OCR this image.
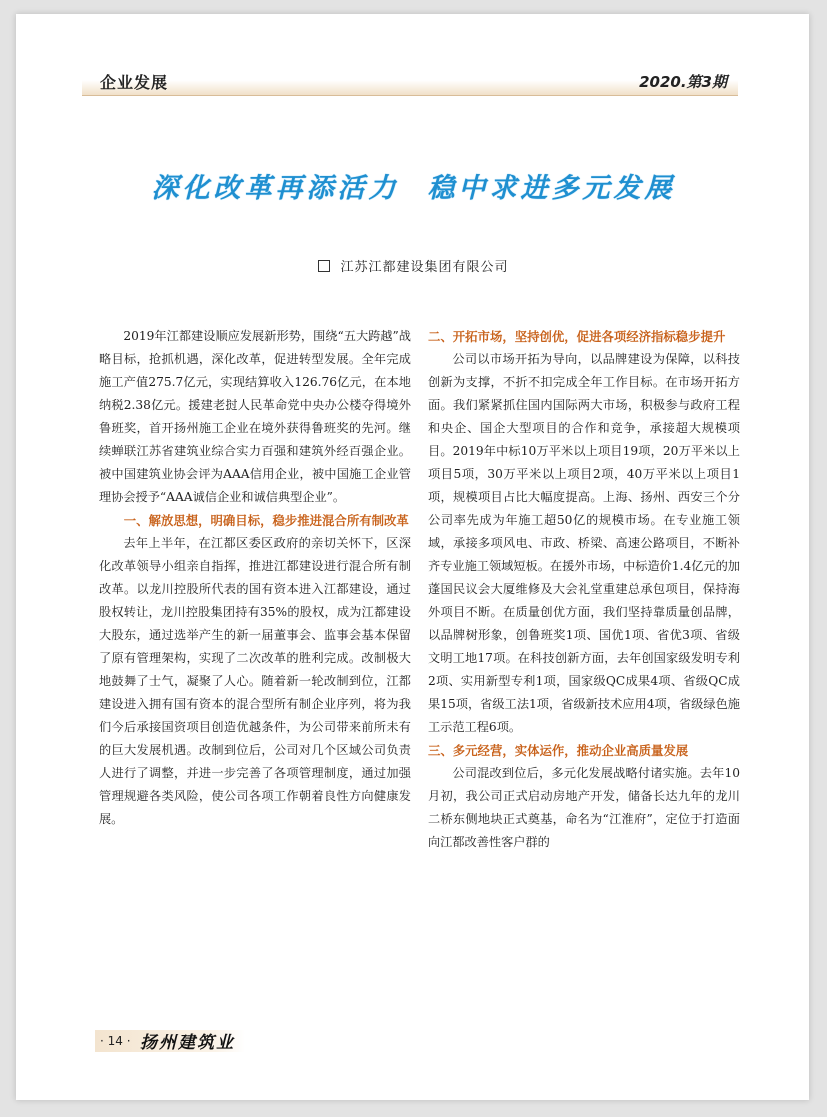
企业发展	2020.第3期
深化改革再添活力 稳中求进多元发展
江苏江都建设集团有限公司

2019年江都建设顺应发展新形势，围绕“五大跨越”战略目标，抢抓机遇，深化改革，促进转型发展。全年完成施工产值275.7亿元，实现结算收入126.76亿元，在本地纳税2.38亿元。援建老挝人民革命党中央办公楼夺得境外鲁班奖，首开扬州施工企业在境外获得鲁班奖的先河。继续蝉联江苏省建筑业综合实力百强和建筑外经百强企业。被中国建筑业协会评为AAA信用企业，被中国施工企业管理协会授予“AAA诚信企业和诚信典型企业”。

一、解放思想，明确目标，稳步推进混合所有制改革

去年上半年，在江都区委区政府的亲切关怀下，区深化改革领导小组亲自指挥，推进江都建设进行混合所有制改革。以龙川控股所代表的国有资本进入江都建设，通过股权转让，龙川控股集团持有35%的股权，成为江都建设大股东，通过选举产生的新一届董事会、监事会基本保留了原有管理架构，实现了二次改革的胜利完成。改制极大地鼓舞了士气，凝聚了人心。随着新一轮改制到位，江都建设进入拥有国有资本的混合型所有制企业序列，将为我们今后承接国资项目创造优越条件，为公司带来前所未有的巨大发展机遇。改制到位后，公司对几个区域公司负责人进行了调整，并进一步完善了各项管理制度，通过加强管理规避各类风险，使公司各项工作朝着良性方向健康发展。

二、开拓市场，坚持创优，促进各项经济指标稳步提升

公司以市场开拓为导向，以品牌建设为保障，以科技创新为支撑，不折不扣完成全年工作目标。在市场开拓方面。我们紧紧抓住国内国际两大市场，积极参与政府工程和央企、国企大型项目的合作和竞争，承接超大规模项目。2019年中标10万平米以上项目19项，20万平米以上项目5项，30万平米以上项目2项，40万平米以上项目1项，规模项目占比大幅度提高。上海、扬州、西安三个分公司率先成为年施工超50亿的规模市场。在专业施工领域，承接多项风电、市政、桥梁、高速公路项目，不断补齐专业施工领域短板。在援外市场，中标造价1.4亿元的加蓬国民议会大厦维修及大会礼堂重建总承包项目，保持海外项目不断。在质量创优方面，我们坚持靠质量创品牌，以品牌树形象，创鲁班奖1项、国优1项、省优3项、省级文明工地17项。在科技创新方面，去年创国家级发明专利2项、实用新型专利1项，国家级QC成果4项、省级QC成果15项，省级工法1项，省级新技术应用4项，省级绿色施工示范工程6项。

三、多元经营，实体运作，推动企业高质量发展

公司混改到位后，多元化发展战略付诸实施。去年10月初，我公司正式启动房地产开发，储备长达九年的龙川二桥东侧地块正式奠基，命名为“江淮府”，定位于打造面向江都改善性客户群的

· 14 · 扬州建筑业
